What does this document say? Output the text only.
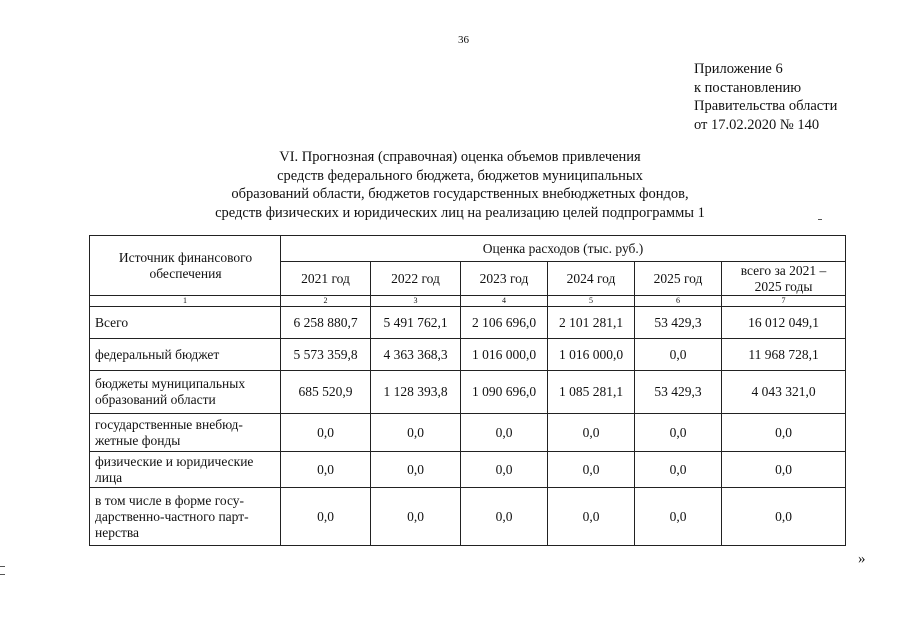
36
Приложение 6
к постановлению
Правительства области
от 17.02.2020 № 140
VI. Прогнозная (справочная) оценка объемов привлечения
средств федерального бюджета, бюджетов муниципальных
образований области, бюджетов государственных внебюджетных фондов,
средств физических и юридических лиц на реализацию целей подпрограммы 1
Источник финансового
обеспечения	Оценка расходов (тыс. руб.)					
	2021 год	2022 год	2023 год	2024 год	2025 год	всего за 2021 –
2025 годы

1	2	3	4	5	6	7

Всего	6 258 880,7	5 491 762,1	2 106 696,0	2 101 281,1	53 429,3	16 012 049,1

федеральный бюджет	5 573 359,8	4 363 368,3	1 016 000,0	1 016 000,0	0,0	11 968 728,1

бюджеты муниципальных
образований области	685 520,9	1 128 393,8	1 090 696,0	1 085 281,1	53 429,3	4 043 321,0

государственные внебюд-
жетные фонды	0,0	0,0	0,0	0,0	0,0	0,0

физические и юридические
лица	0,0	0,0	0,0	0,0	0,0	0,0

в том числе в форме госу-
дарственно-частного парт-
нерства	0,0	0,0	0,0	0,0	0,0	0,0
»
